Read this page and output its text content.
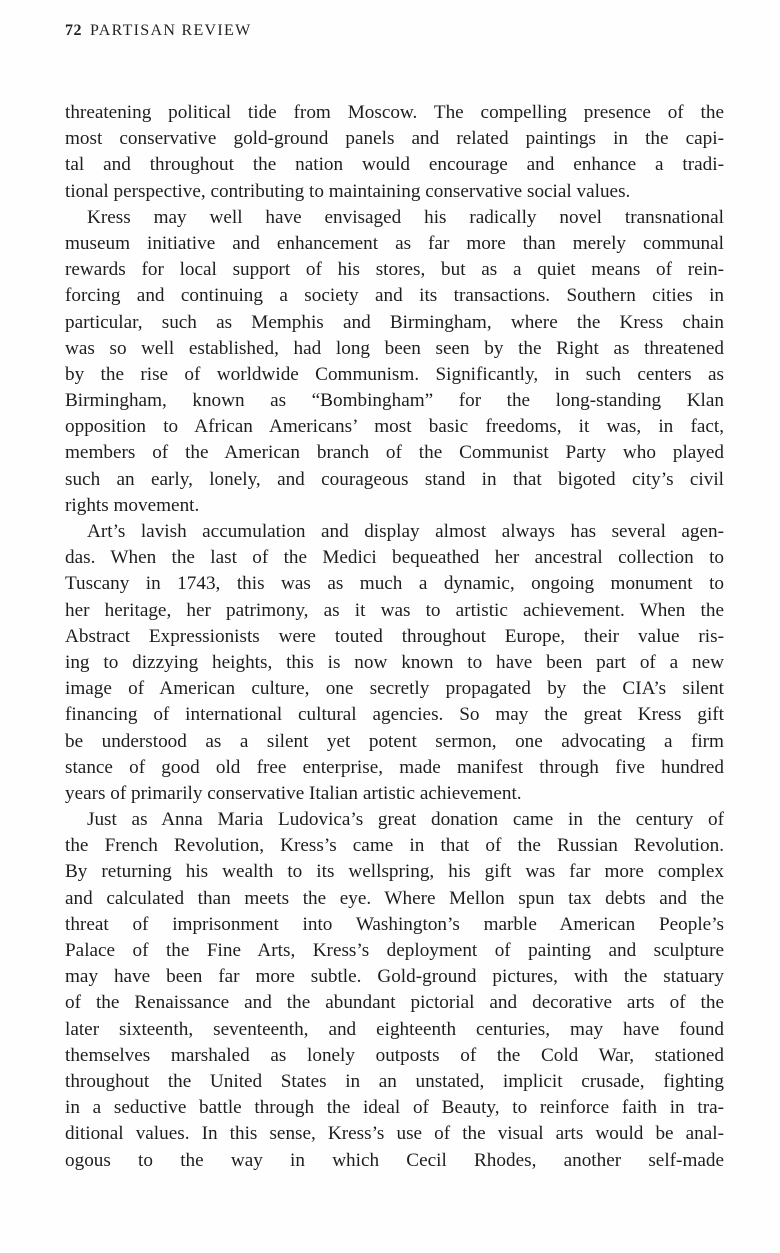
72 PARTISAN REVIEW
threatening political tide from Moscow. The compelling presence of the
most conservative gold-ground panels and related paintings in the capi-
tal and throughout the nation would encourage and enhance a tradi-
tional perspective, contributing to maintaining conservative social values.
Kress may well have envisaged his radically novel transnational
museum initiative and enhancement as far more than merely communal
rewards for local support of his stores, but as a quiet means of rein-
forcing and continuing a society and its transactions. Southern cities in
particular, such as Memphis and Birmingham, where the Kress chain
was so well established, had long been seen by the Right as threatened
by the rise of worldwide Communism. Significantly, in such centers as
Birmingham, known as “Bombingham” for the long-standing Klan
opposition to African Americans’ most basic freedoms, it was, in fact,
members of the American branch of the Communist Party who played
such an early, lonely, and courageous stand in that bigoted city’s civil
rights movement.
Art’s lavish accumulation and display almost always has several agen-
das. When the last of the Medici bequeathed her ancestral collection to
Tuscany in 1743, this was as much a dynamic, ongoing monument to
her heritage, her patrimony, as it was to artistic achievement. When the
Abstract Expressionists were touted throughout Europe, their value ris-
ing to dizzying heights, this is now known to have been part of a new
image of American culture, one secretly propagated by the CIA’s silent
financing of international cultural agencies. So may the great Kress gift
be understood as a silent yet potent sermon, one advocating a firm
stance of good old free enterprise, made manifest through five hundred
years of primarily conservative Italian artistic achievement.
Just as Anna Maria Ludovica’s great donation came in the century of
the French Revolution, Kress’s came in that of the Russian Revolution.
By returning his wealth to its wellspring, his gift was far more complex
and calculated than meets the eye. Where Mellon spun tax debts and the
threat of imprisonment into Washington’s marble American People’s
Palace of the Fine Arts, Kress’s deployment of painting and sculpture
may have been far more subtle. Gold-ground pictures, with the statuary
of the Renaissance and the abundant pictorial and decorative arts of the
later sixteenth, seventeenth, and eighteenth centuries, may have found
themselves marshaled as lonely outposts of the Cold War, stationed
throughout the United States in an unstated, implicit crusade, fighting
in a seductive battle through the ideal of Beauty, to reinforce faith in tra-
ditional values. In this sense, Kress’s use of the visual arts would be anal-
ogous to the way in which Cecil Rhodes, another self-made
